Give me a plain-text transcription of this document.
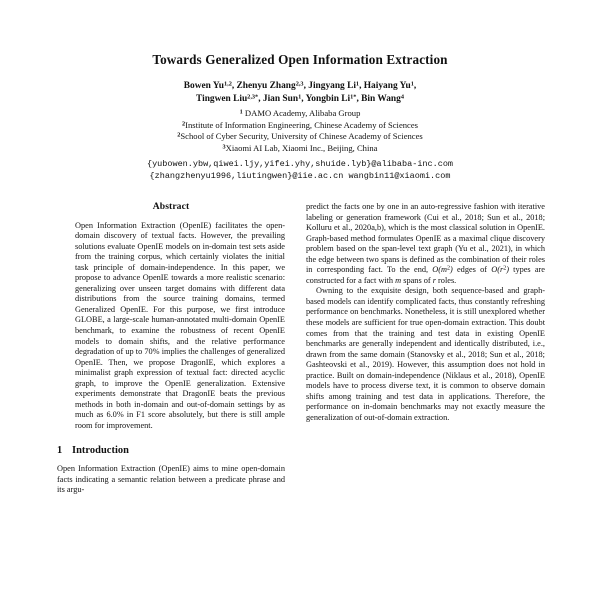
Towards Generalized Open Information Extraction
Bowen Yu$^{1,2}$, Zhenyu Zhang$^{2,3}$, Jingyang Li$^1$, Haiyang Yu$^1$,
Tingwen Liu$^{2,3*}$, Jian Sun$^1$, Yongbin $Li^{1*}$, Bin Wang$^4$
$^1$ DAMO Academy, Alibaba Group
$^2$Institute of Information Engineering, Chinese Academy of Sciences
$^2$School of Cyber Security, University of Chinese Academy of Sciences
$^3$Xiaomi AI Lab, Xiaomi Inc., Beijing, China
{yubowen.ybw,qiwei.ljy,yifei.yhy,shuide.lyb}@alibaba-inc.com
{zhangzhenyu1996,liutingwen}@iie.ac.cn wangbin11@xiaomi.com
Abstract

Open Information Extraction (OpenIE) facilitates the open-domain discovery of textual facts. However, the prevailing solutions evaluate OpenIE models on in-domain test sets aside from the training corpus, which certainly violates the initial task principle of domain-independence. In this paper, we propose to advance OpenIE towards a more realistic scenario: generalizing over unseen target domains with different data distributions from the source training domains, termed Generalized OpenIE. For this purpose, we first introduce GLOBE, a large-scale human-annotated multi-domain OpenIE benchmark, to examine the robustness of recent OpenIE models to domain shifts, and the relative performance degradation of up to 70% implies the challenges of generalized OpenIE. Then, we propose DragonIE, which explores a minimalist graph expression of textual fact: directed acyclic graph, to improve the OpenIE generalization. Extensive experiments demonstrate that DragonIE beats the previous methods in both in-domain and out-of-domain settings by as much as 6.0% in F1 score absolutely, but there is still ample room for improvement.

1 Introduction

Open Information Extraction (OpenIE) aims to mine open-domain facts indicating a semantic relation between a predicate phrase and its argu-

predict the facts one by one in an auto-regressive fashion with iterative labeling or generation framework (Cui et al., 2018; Sun et al., 2018; Kolluru et al., 2020a,b), which is the most classical solution in OpenIE. Graph-based method formulates OpenIE as a maximal clique discovery problem based on the span-level text graph (Yu et al., 2021), in which the edge between two spans is defined as the combination of their roles in corresponding fact. To the end, $O(m^2)$ edges of $O(r^2)$ types are constructed for a fact with m spans of r roles.

Owning to the exquisite design, both sequence-based and graph-based models can identify complicated facts, thus constantly refreshing performance on benchmarks. Nonetheless, it is still unexplored whether these models are sufficient for true open-domain extraction. This doubt comes from that the training and test data in existing OpenIE benchmarks are generally independent and identically distributed, i.e., drawn from the same domain (Stanovsky et al., 2018; Sun et al., 2018; Gashteovski et al., 2019). However, this assumption does not hold in practice. Built on domain-independence (Niklaus et al., 2018), OpenIE models have to process diverse text, it is common to observe domain shifts among training and test data in applications. Therefore, the performance on in-domain benchmarks may not exactly measure the generalization of out-of-domain extraction.
